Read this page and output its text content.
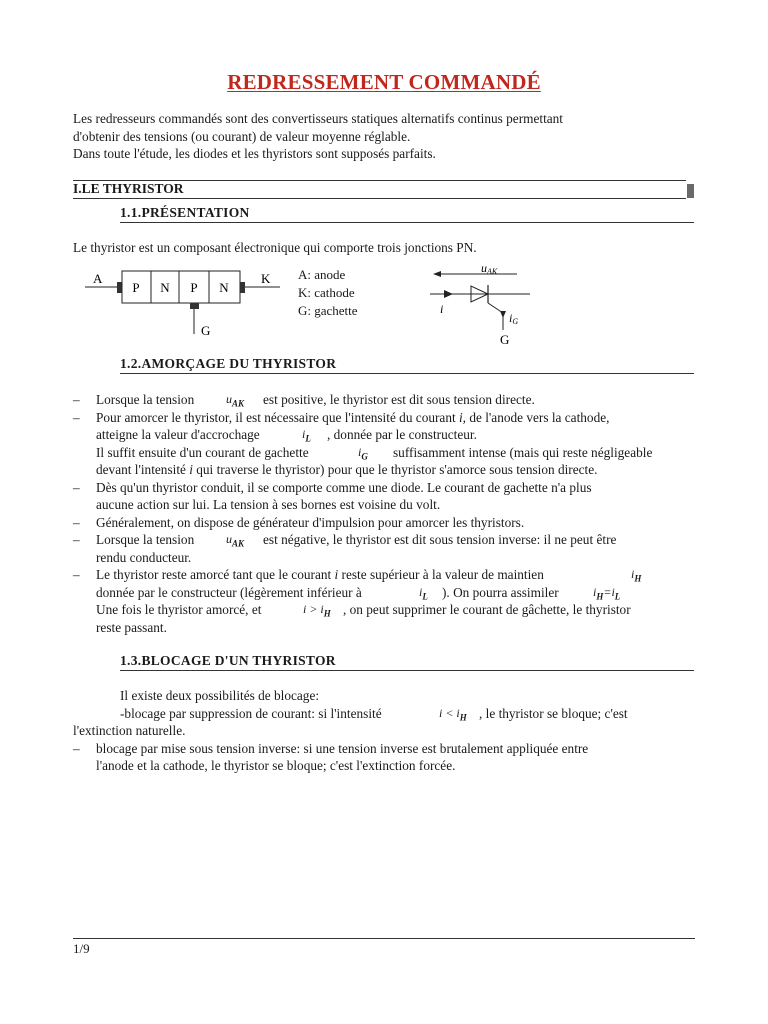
REDRESSEMENT COMMANDÉ
Les redresseurs commandés sont des convertisseurs statiques alternatifs continus permettant
d'obtenir des tensions (ou courant) de valeur moyenne réglable.
Dans toute l'étude, les diodes et les thyristors sont supposés parfaits.
I.LE THYRISTOR
1.1.PRÉSENTATION
Le thyristor est un composant électronique qui comporte trois jonctions PN.
A	K
G
P N P N
A: anode
K: cathode
G: gachette
uAK
i
iG
G
1.2.AMORÇAGE DU THYRISTOR
– Lorsque la tension	$u_{AK}$ est positive, le thyristor est dit sous tension directe.
– Pour amorcer le thyristor, il est nécessaire que l'intensité du courant i, de l'anode vers la cathode,
atteigne la valeur d'accrochage	$i_L$ , donnée par le constructeur.
Il suffit ensuite d'un courant de gachette	$i_G$ suffisamment intense (mais qui reste négligeable
devant l'intensité i qui traverse le thyristor) pour que le thyristor s'amorce sous tension directe.
– Dès qu'un thyristor conduit, il se comporte comme une diode. Le courant de gachette n'a plus
aucune action sur lui. La tension à ses bornes est voisine du volt.
– Généralement, on dispose de générateur d'impulsion pour amorcer les thyristors.
– Lorsque la tension	$u_{AK}$ est négative, le thyristor est dit sous tension inverse: il ne peut être
rendu conducteur.
– Le thyristor reste amorcé tant que le courant i reste supérieur à la valeur de maintien	$i_H$
donnée par le constructeur (légèrement inférieur à	$i_L$ ). On pourra assimiler	$i_H=i_L$
Une fois le thyristor amorcé, et	$i > i_H$ , on peut supprimer le courant de gâchette, le thyristor
reste passant.
1.3.BLOCAGE D'UN THYRISTOR
Il existe deux possibilités de blocage:
-blocage par suppression de courant: si l'intensité	$i < i_H$ , le thyristor se bloque; c'est
l'extinction naturelle.
– blocage par mise sous tension inverse: si une tension inverse est brutalement appliquée entre
l'anode et la cathode, le thyristor se bloque; c'est l'extinction forcée.
1/9
